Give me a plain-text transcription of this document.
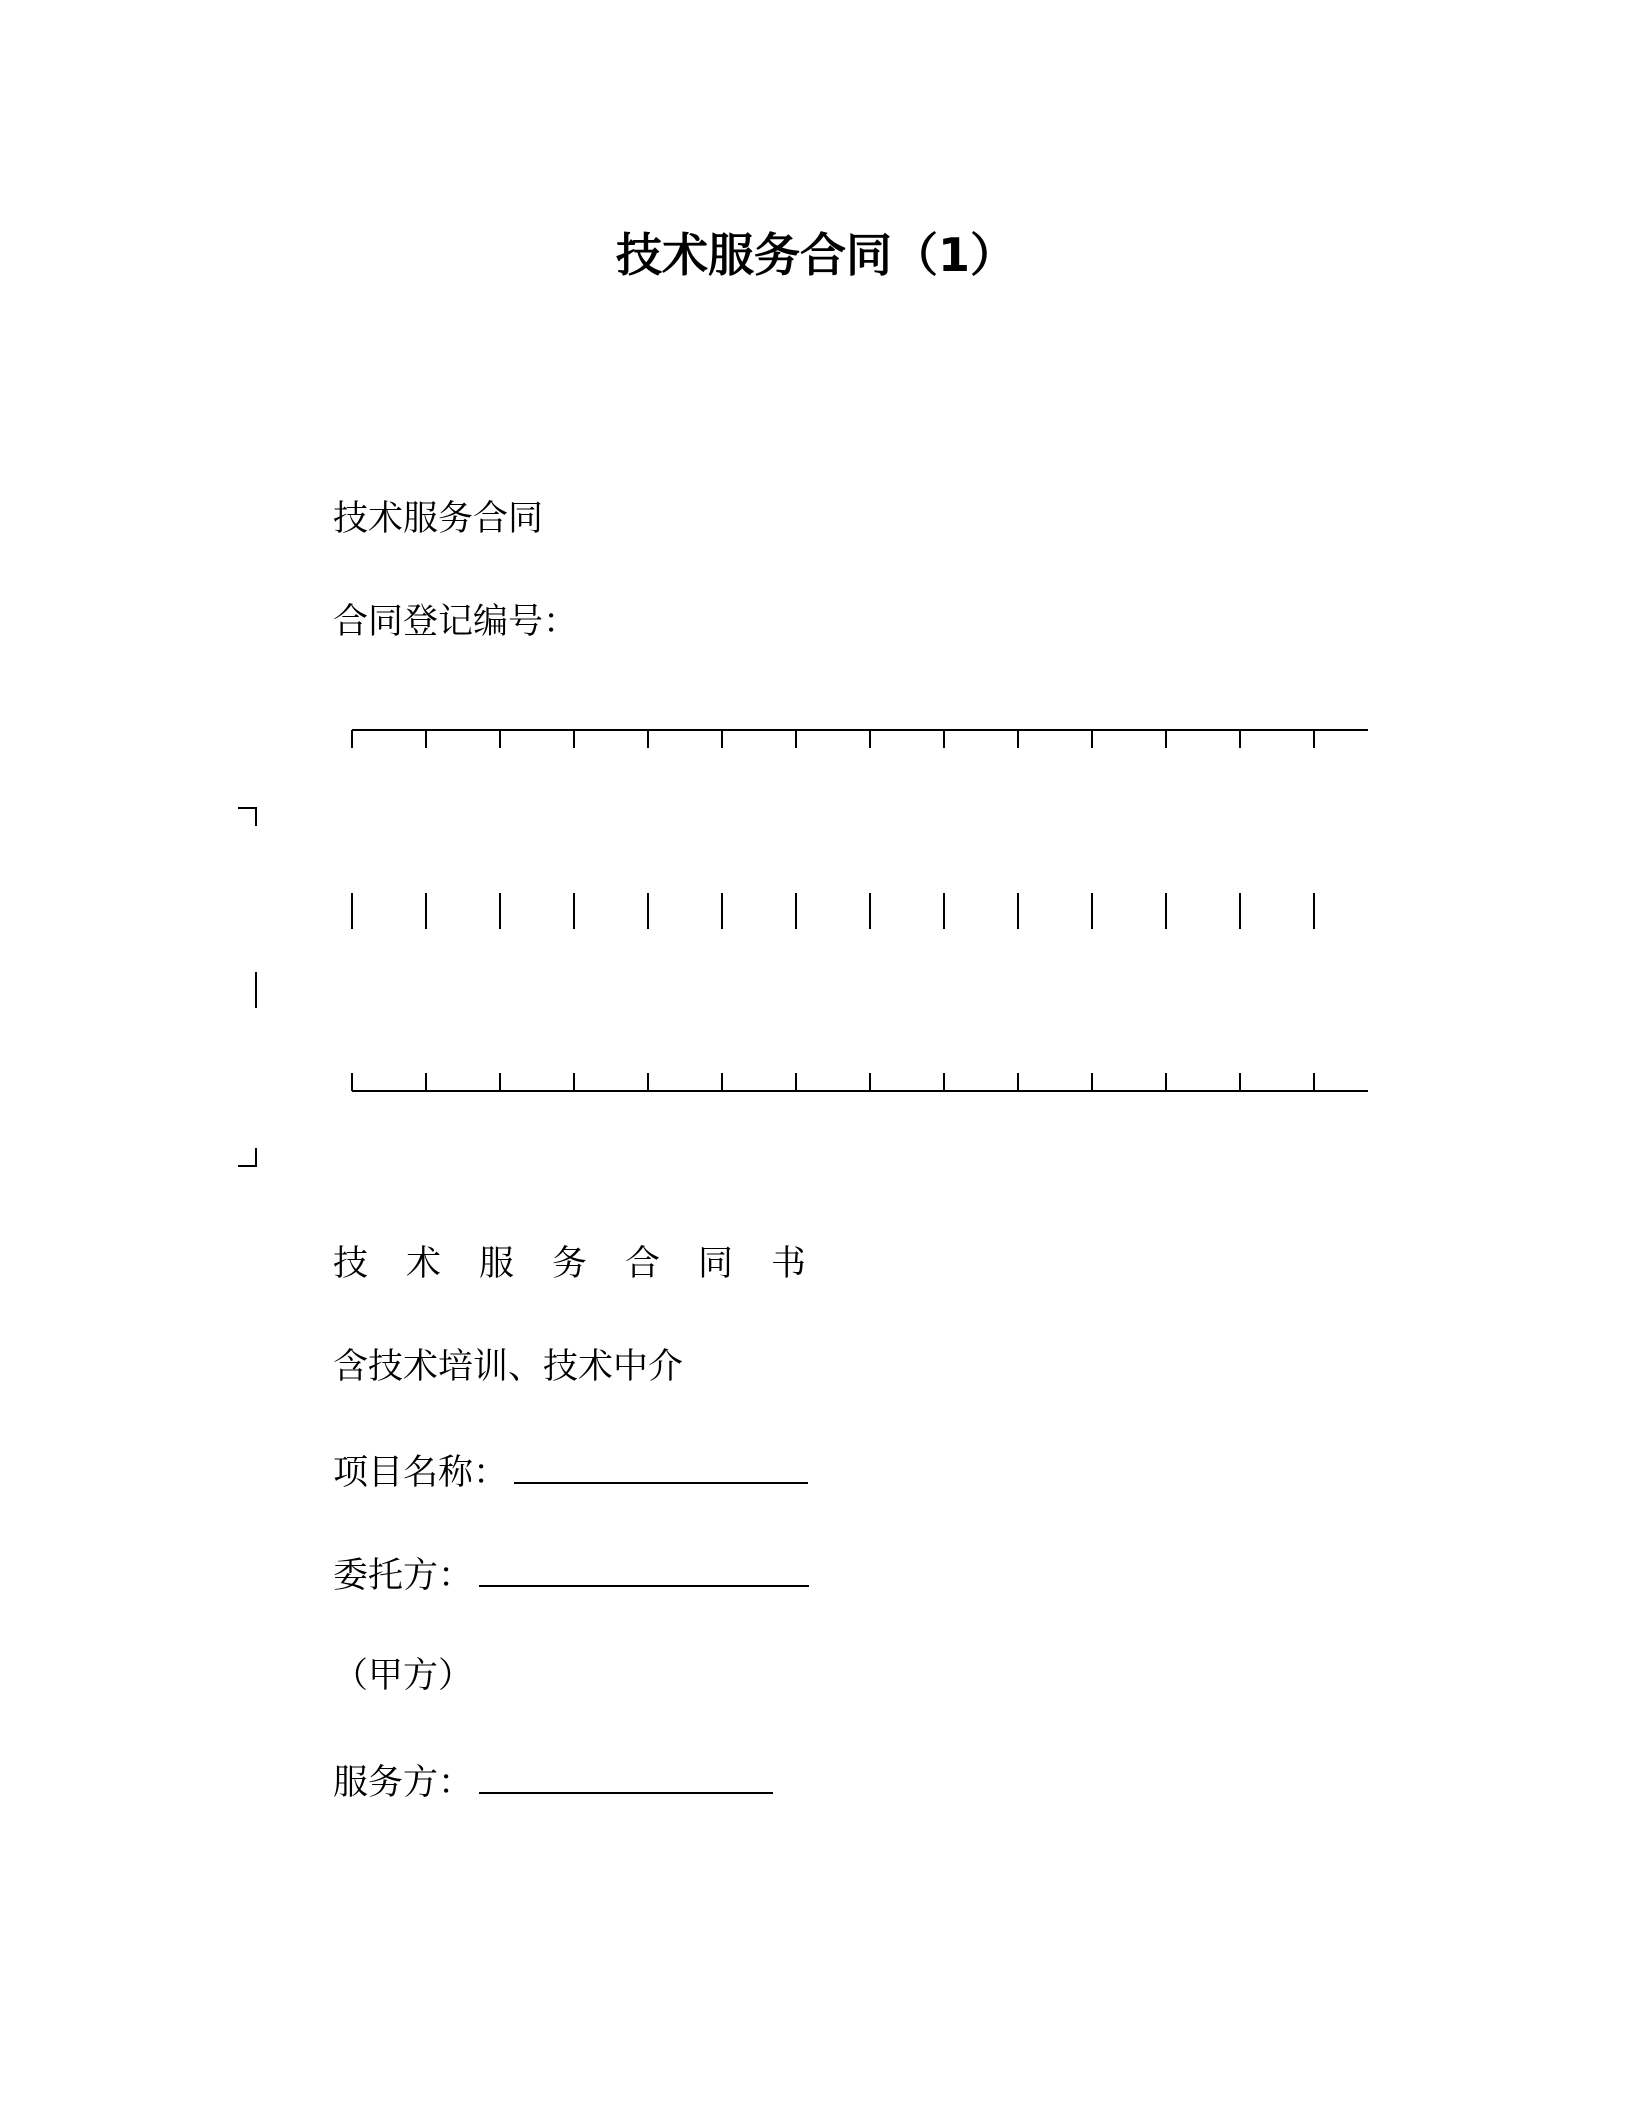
技术服务合同（1）
技术服务合同
合同登记编号：
技术服务合同书
含技术培训、技术中介
项目名称：
委托方：
（甲方）
服务方：
